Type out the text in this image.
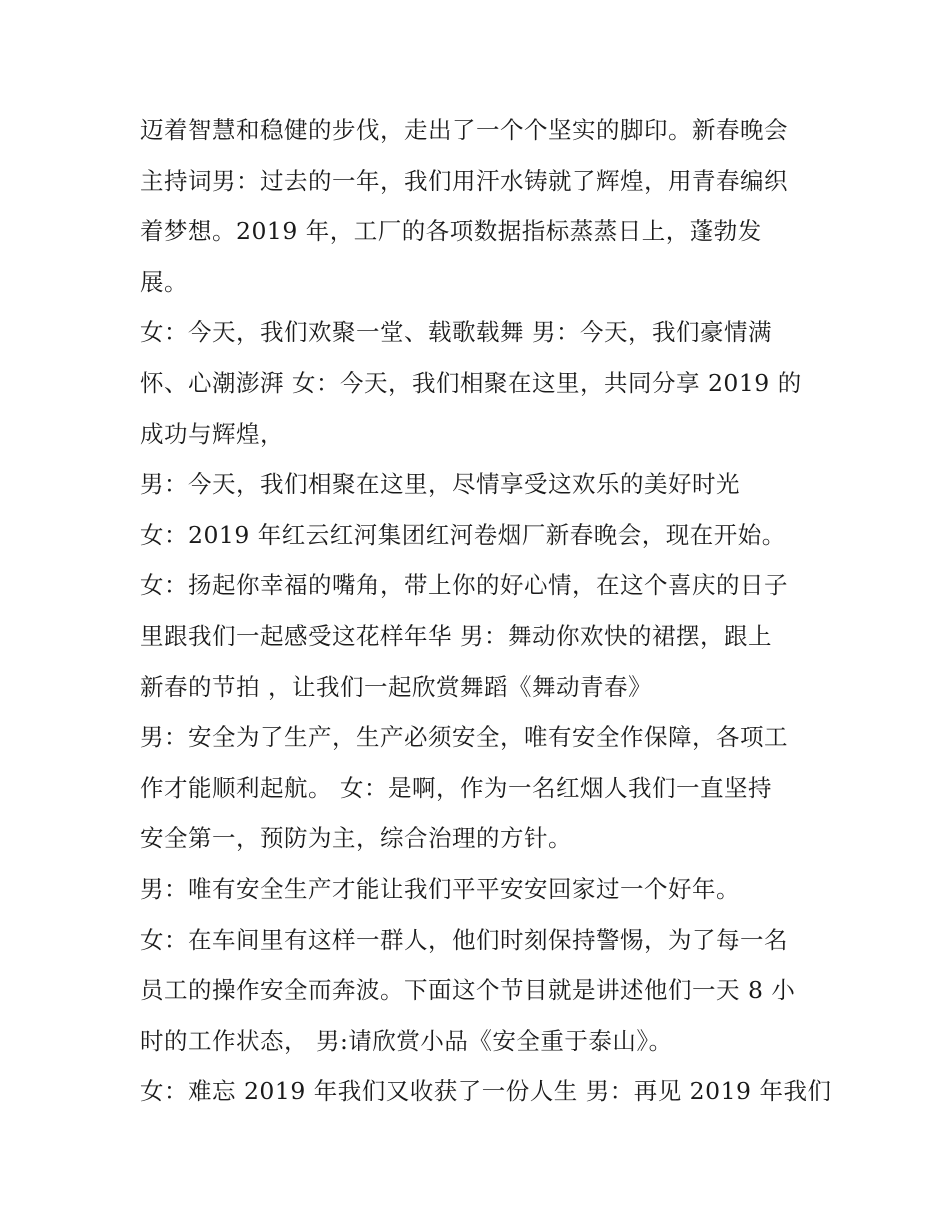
迈着智慧和稳健的步伐，走出了一个个坚实的脚印。新春晚会
主持词男：过去的一年，我们用汗水铸就了辉煌，用青春编织
着梦想。2019 年，工厂的各项数据指标蒸蒸日上，蓬勃发
展。
女：今天，我们欢聚一堂、载歌载舞 男：今天，我们豪情满
怀、心潮澎湃 女：今天，我们相聚在这里，共同分享 2019 的
成功与辉煌，
男：今天，我们相聚在这里，尽情享受这欢乐的美好时光
女：2019 年红云红河集团红河卷烟厂新春晚会，现在开始。
女：扬起你幸福的嘴角，带上你的好心情，在这个喜庆的日子
里跟我们一起感受这花样年华 男：舞动你欢快的裙摆，跟上
新春的节拍 ，让我们一起欣赏舞蹈《舞动青春》
男：安全为了生产，生产必须安全，唯有安全作保障，各项工
作才能顺利起航。 女：是啊，作为一名红烟人我们一直坚持
安全第一，预防为主，综合治理的方针。
男：唯有安全生产才能让我们平平安安回家过一个好年。
女：在车间里有这样一群人，他们时刻保持警惕，为了每一名
员工的操作安全而奔波。下面这个节目就是讲述他们一天 8 小
时的工作状态， 男:请欣赏小品《安全重于泰山》。
女：难忘 2019 年我们又收获了一份人生 男：再见 2019 年我们
